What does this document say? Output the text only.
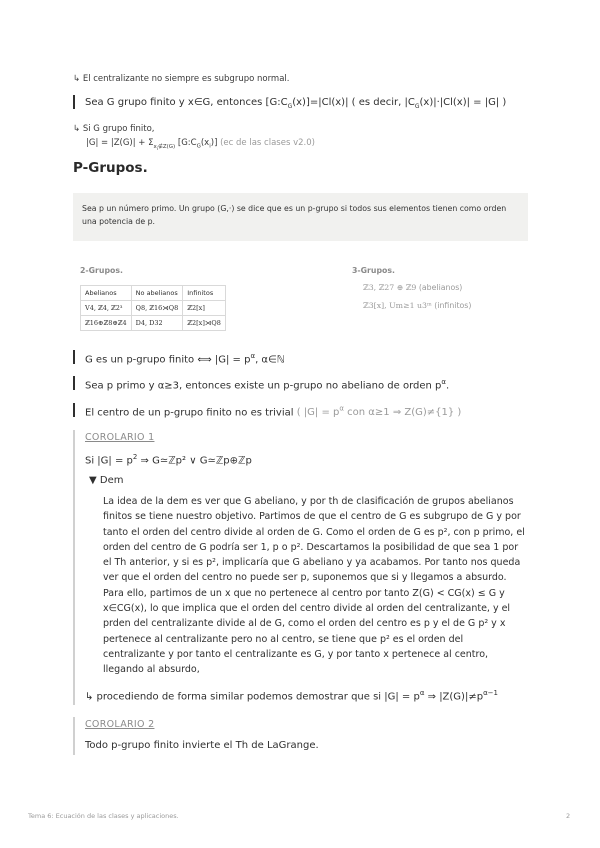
↳ El centralizante no siempre es subgrupo normal.
Sea G grupo finito y x∈G, entonces $[G:C_G(x)]=|Cl(x)|$ ( es decir, $|C_G(x)|\cdot|Cl(x)| = |G|$ )
↳ Si G grupo finito,
$|G| = |Z(G)| + \Sigma_{x_i\notin Z(G)}$ $[G:C_G(x_i)]$ (ec de las clases v2.0)
P-Grupos.

Sea p un número primo. Un grupo (G,·) se dice que es un p-grupo si todos sus elementos tienen como orden una potencia de p.

2-Grupos.
Abelianos	No abelianos	Infinitos
V4, ℤ4, ℤ2³	Q8, ℤ16⋊Q8	ℤ2[x]
ℤ16⊕ℤ8⊕ℤ4	D4, D32	ℤ2[x]⋊Q8
3-Grupos.
ℤ3, ℤ27 ⊕ ℤ9 (abelianos)
ℤ3[x], Um≥1 u3ᵐ (infinitos)
G es un p-grupo finito ⟺ $|G| = p^\alpha$, α∈ℕ
Sea p primo y α≥3, entonces existe un p-grupo no abeliano de orden $p^\alpha$.
El centro de un p-grupo finito no es trivial ( $|G| = p^\alpha$ con α≥1 ⇒ Z(G)≠{1} )
COROLARIO 1
Si $|G| = p^2$ ⇒ G≃ℤp² ∨ G≃ℤp⊕ℤp
▼ Dem
La idea de la dem es ver que G abeliano, y por th de clasificación de grupos abelianos finitos se tiene nuestro objetivo. Partimos de que el centro de G es subgrupo de G y por tanto el orden del centro divide al orden de G. Como el orden de G es p², con p primo, el orden del centro de G podría ser 1, p o p². Descartamos la posibilidad de que sea 1 por el Th anterior, y si es p², implicaría que G abeliano y ya acabamos. Por tanto nos queda ver que el orden del centro no puede ser p, suponemos que si y llegamos a absurdo. Para ello, partimos de un x que no pertenece al centro por tanto Z(G) < CG(x) ≤ G y x∈CG(x), lo que implica que el orden del centro divide al orden del centralizante, y el prden del centralizante divide al de G, como el orden del centro es p y el de G p² y x pertenece al centralizante pero no al centro, se tiene que p² es el orden del centralizante y por tanto el centralizante es G, y por tanto x pertenece al centro, llegando al absurdo,
↳ procediendo de forma similar podemos demostrar que si $|G| = p^\alpha$ ⇒ $|Z(G)|\ne p^{\alpha-1}$
COROLARIO 2
Todo p-grupo finito invierte el Th de LaGrange.
Tema 6: Ecuación de las clases y aplicaciones.	2
